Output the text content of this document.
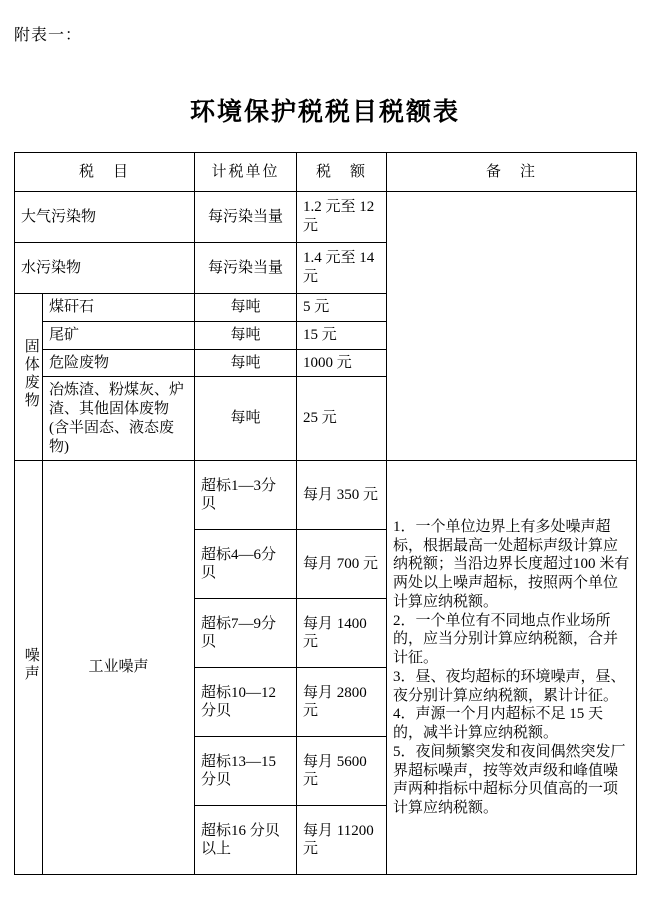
附表一：
环境保护税税目税额表
税　目		计税单位	税　额	备　注
大气污染物		每污染当量	1.2 元至 12 元	
水污染物		每污染当量	1.4 元至 14 元	
固体废物	煤矸石	每吨	5 元	
	尾矿	每吨	15 元	
	危险废物	每吨	1000 元	
	冶炼渣、粉煤灰、炉渣、其他固体废物(含半固态、液态废物)	每吨	25 元	
噪声	工业噪声	超标1—3分贝	每月 350 元	1．一个单位边界上有多处噪声超标，根据最高一处超标声级计算应纳税额；当沿边界长度超过100 米有两处以上噪声超标，按照两个单位计算应纳税额。

2．一个单位有不同地点作业场所的，应当分别计算应纳税额，合并计征。

3．昼、夜均超标的环境噪声，昼、夜分别计算应纳税额，累计计征。

4．声源一个月内超标不足 15 天的，减半计算应纳税额。

5．夜间频繁突发和夜间偶然突发厂界超标噪声，按等效声级和峰值噪声两种指标中超标分贝值高的一项计算应纳税额。

		超标4—6分贝	每月 700 元	
		超标7—9分贝	每月 1400 元	
		超标10—12 分贝	每月 2800 元	
		超标13—15 分贝	每月 5600 元	
		超标16 分贝以上	每月 11200 元	
